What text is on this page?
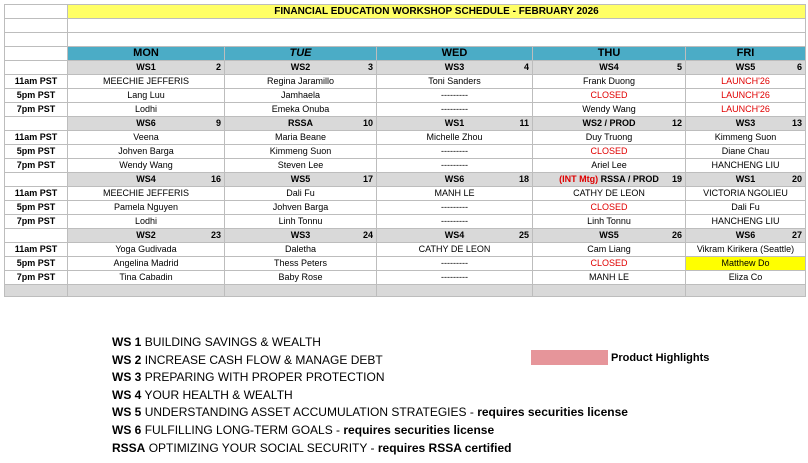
	FINANCIAL EDUCATION WORKSHOP SCHEDULE - FEBRUARY 2026				

	MON	TUE	WED	THU	FRI
	WS1 2	WS2 3	WS3 4	WS4 5	WS5 6

11am PST	MEECHIE JEFFERIS	Regina Jaramillo	Toni Sanders	Frank Duong	LAUNCH'26
5pm PST	Lang Luu	Jamhaela	---------	CLOSED	LAUNCH'26
7pm PST	Lodhi	Emeka Onuba	---------	Wendy Wang	LAUNCH'26
	WS6 9	RSSA 10	WS1 11	WS2 / PROD 12	WS3 13

11am PST	Veena	Maria Beane	Michelle Zhou	Duy Truong	Kimmeng Suon
5pm PST	Johven Barga	Kimmeng Suon	---------	CLOSED	Diane Chau
7pm PST	Wendy Wang	Steven Lee	---------	Ariel Lee	HANCHENG LIU
	WS4 16	WS5 17	WS6 18	(INT Mtg) RSSA / PROD 19	WS1 20

11am PST	MEECHIE JEFFERIS	Dali Fu	MANH LE	CATHY DE LEON	VICTORIA NGOLIEU
5pm PST	Pamela Nguyen	Johven Barga	---------	CLOSED	Dali Fu
7pm PST	Lodhi	Linh Tonnu	---------	Linh Tonnu	HANCHENG LIU
	WS2 23	WS3 24	WS4 25	WS5 26	WS6 27

11am PST	Yoga Gudivada	Daletha	CATHY DE LEON	Cam Liang	Vikram Kirikera (Seattle)
5pm PST	Angelina Madrid	Thess Peters	---------	CLOSED	Matthew Do
7pm PST	Tina Cabadin	Baby Rose	---------	MANH LE	Eliza Co

WS 1 BUILDING SAVINGS & WEALTH
WS 2 INCREASE CASH FLOW & MANAGE DEBT
WS 3 PREPARING WITH PROPER PROTECTION
WS 4 YOUR HEALTH & WEALTH
WS 5 UNDERSTANDING ASSET ACCUMULATION STRATEGIES - requires securities license
WS 6 FULFILLING LONG-TERM GOALS - requires securities license
RSSA OPTIMIZING YOUR SOCIAL SECURITY - requires RSSA certified
Product Highlights
